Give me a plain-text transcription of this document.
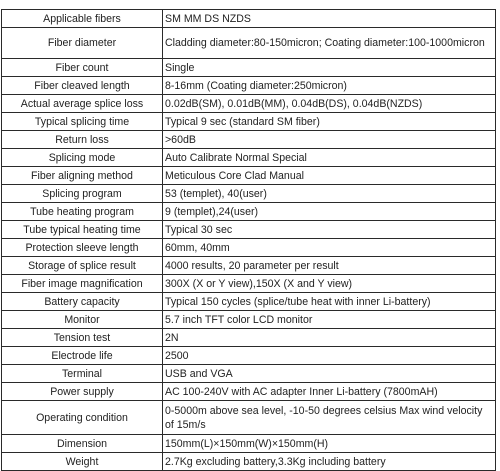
Applicable fibers	SM MM DS NZDS
Fiber diameter	Cladding diameter:80-150micron; Coating diameter:100-1000micron
Fiber count	Single
Fiber cleaved length	8-16mm (Coating diameter:250micron)
Actual average splice loss	0.02dB(SM), 0.01dB(MM), 0.04dB(DS), 0.04dB(NZDS)
Typical splicing time	Typical 9 sec (standard SM fiber)
Return loss	>60dB
Splicing mode	Auto Calibrate Normal Special
Fiber aligning method	Meticulous Core Clad Manual
Splicing program	53 (templet), 40(user)
Tube heating program	9 (templet),24(user)
Tube typical heating time	Typical 30 sec
Protection sleeve length	60mm, 40mm
Storage of splice result	4000 results, 20 parameter per result
Fiber image magnification	300X (X or Y view),150X (X and Y view)
Battery capacity	Typical 150 cycles (splice/tube heat with inner Li-battery)
Monitor	5.7 inch TFT color LCD monitor
Tension test	2N
Electrode life	2500
Terminal	USB and VGA
Power supply	AC 100-240V with AC adapter Inner Li-battery (7800mAH)
Operating condition	0-5000m above sea level, -10-50 degrees celsius Max wind velocity of 15m/s
Dimension	150mm(L)×150mm(W)×150mm(H)
Weight	2.7Kg excluding battery,3.3Kg including battery
